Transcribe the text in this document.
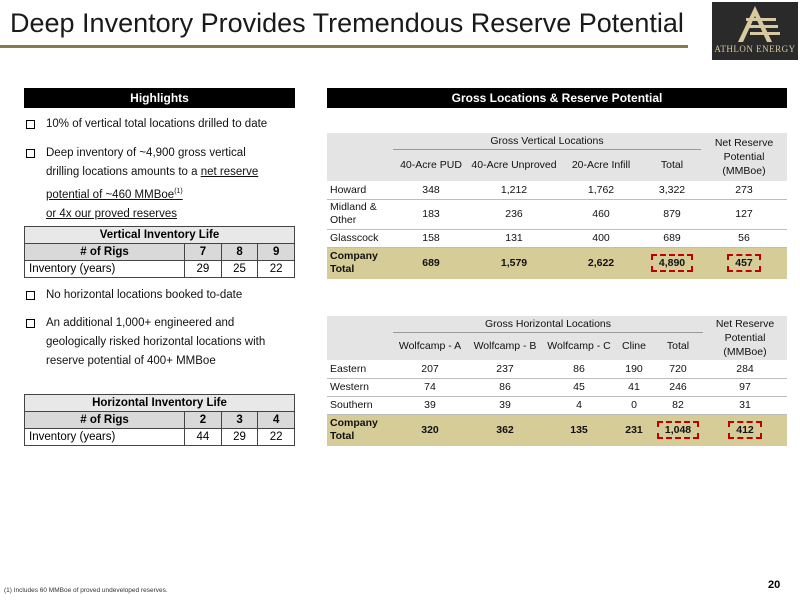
Deep Inventory Provides Tremendous Reserve Potential
ATHLON ENERGY
Highlights
10% of vertical total locations drilled to date
Deep inventory of ~4,900 gross vertical
drilling locations amounts to a net reserve
potential of ~460 MMBoe$^{(1)}$
or 4x our proved reserves
Vertical Inventory Life			
# of Rigs	7	8	9
Inventory (years)	29	25	22
No horizontal locations booked to-date
An additional 1,000+ engineered and
geologically risked horizontal locations with
reserve potential of 400+ MMBoe
Horizontal Inventory Life			
# of Rigs	2	3	4
Inventory (years)	44	29	22
Gross Locations & Reserve Potential
	Gross Vertical Locations				Net Reserve Potential (MMBoe)
	40-Acre PUD	40-Acre Unproved	20-Acre Infill	Total	
Howard	348	1,212	1,762	3,322	273
Midland & Other	183	236	460	879	127
Glasscock	158	131	400	689	56
Company Total	689	1,579	2,622	4,890	457
	Gross Horizontal Locations					Net Reserve Potential (MMBoe)
	Wolfcamp - A	Wolfcamp - B	Wolfcamp - C	Cline	Total	
Eastern	207	237	86	190	720	284
Western	74	86	45	41	246	97
Southern	39	39	4	0	82	31
Company Total	320	362	135	231	1,048	412
(1) Includes 60 MMBoe of proved undeveloped reserves.	20
